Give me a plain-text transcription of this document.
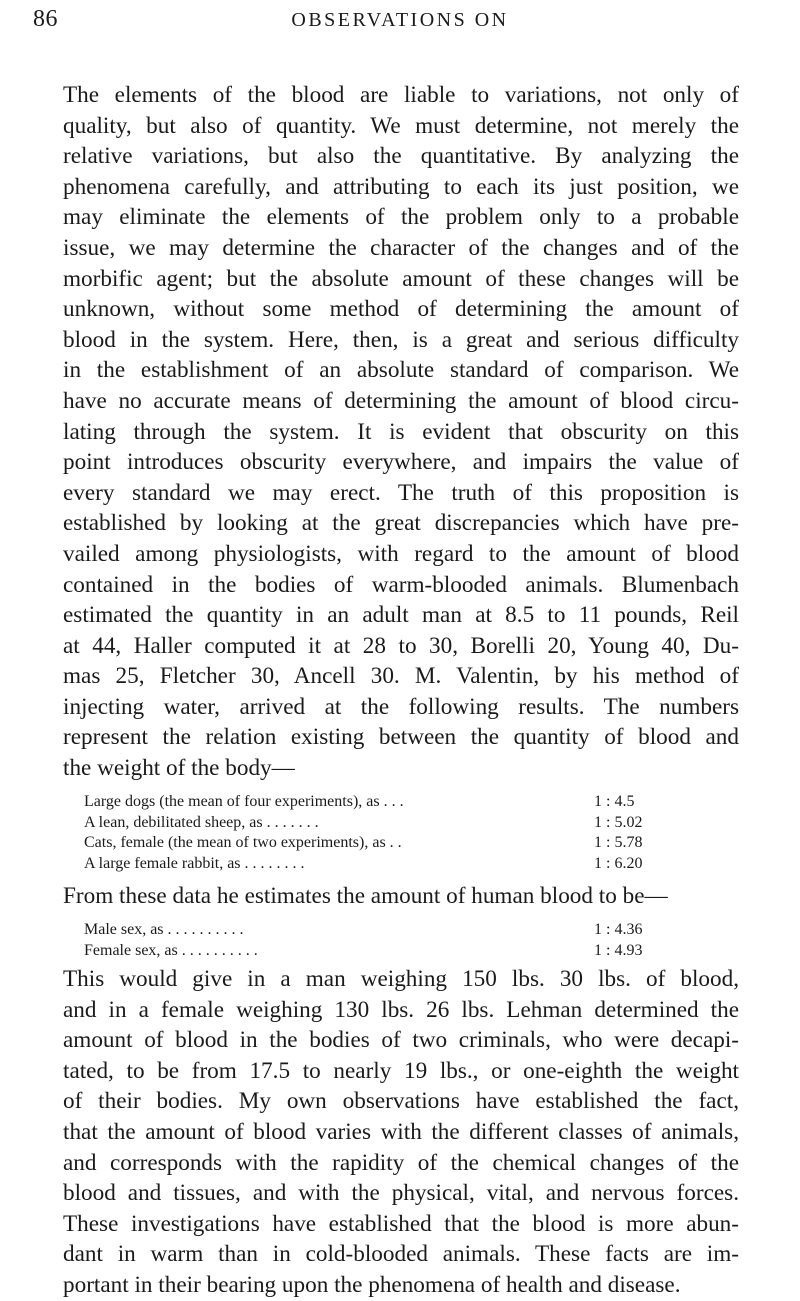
86	OBSERVATIONS ON
The elements of the blood are liable to variations, not only of
quality, but also of quantity. We must determine, not merely the
relative variations, but also the quantitative. By analyzing the
phenomena carefully, and attributing to each its just position, we
may eliminate the elements of the problem only to a probable
issue, we may determine the character of the changes and of the
morbific agent; but the absolute amount of these changes will be
unknown, without some method of determining the amount of
blood in the system. Here, then, is a great and serious difficulty
in the establishment of an absolute standard of comparison. We
have no accurate means of determining the amount of blood circu-
lating through the system. It is evident that obscurity on this
point introduces obscurity everywhere, and impairs the value of
every standard we may erect. The truth of this proposition is
established by looking at the great discrepancies which have pre-
vailed among physiologists, with regard to the amount of blood
contained in the bodies of warm-blooded animals. Blumenbach
estimated the quantity in an adult man at 8.5 to 11 pounds, Reil
at 44, Haller computed it at 28 to 30, Borelli 20, Young 40, Du-
mas 25, Fletcher 30, Ancell 30. M. Valentin, by his method of
injecting water, arrived at the following results. The numbers
represent the relation existing between the quantity of blood and
the weight of the body—
Large dogs (the mean of four experiments), as . . .	1 : 4.5
A lean, debilitated sheep, as . . . . . . .	1 : 5.02
Cats, female (the mean of two experiments), as . .	1 : 5.78
A large female rabbit, as . . . . . . . .	1 : 6.20
From these data he estimates the amount of human blood to be—
Male sex, as . . . . . . . . . .	1 : 4.36
Female sex, as . . . . . . . . . .	1 : 4.93
This would give in a man weighing 150 lbs. 30 lbs. of blood,
and in a female weighing 130 lbs. 26 lbs. Lehman determined the
amount of blood in the bodies of two criminals, who were decapi-
tated, to be from 17.5 to nearly 19 lbs., or one-eighth the weight
of their bodies. My own observations have established the fact,
that the amount of blood varies with the different classes of animals,
and corresponds with the rapidity of the chemical changes of the
blood and tissues, and with the physical, vital, and nervous forces.
These investigations have established that the blood is more abun-
dant in warm than in cold-blooded animals. These facts are im-
portant in their bearing upon the phenomena of health and disease.
